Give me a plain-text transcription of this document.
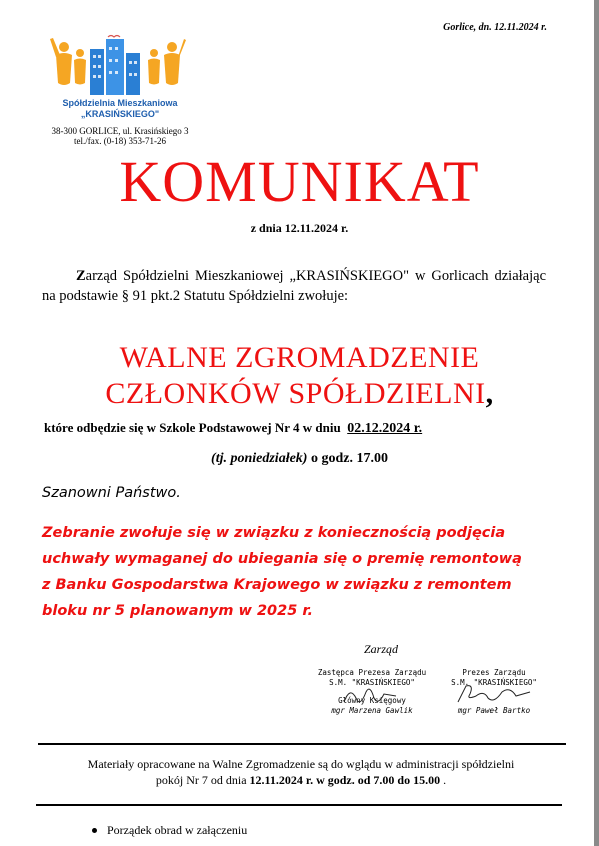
Gorlice, dn. 12.11.2024 r.
Spółdzielnia Mieszkaniowa
„KRASIŃSKIEGO"
38-300 GORLICE, ul. Krasińskiego 3
tel./fax. (0-18) 353-71-26
KOMUNIKAT
z dnia 12.11.2024 r.

Zarząd Spółdzielni Mieszkaniowej „KRASIŃSKIEGO" w Gorlicach działając na podstawie § 91 pkt.2 Statutu Spółdzielni zwołuje:

WALNE ZGROMADZENIE
CZŁONKÓW SPÓŁDZIELNI,
które odbędzie się w Szkole Podstawowej Nr 4 w dniu 02.12.2024 r.
(tj. poniedziałek) o godz. 17.00
Szanowni Państwo.

Zebranie zwołuje się w związku z koniecznością podjęcia

uchwały wymaganej do ubiegania się o premię remontową

z Banku Gospodarstwa Krajowego w związku z remontem

bloku nr 5 planowanym w 2025 r.

Zarząd
Zastępca Prezesa Zarządu
S.M. "KRASIŃSKIEGO"
Główny Księgowy
mgr Marzena Gawlik
Prezes Zarządu
S.M. "KRASIŃSKIEGO"
mgr Paweł Bartko
Materiały opracowane na Walne Zgromadzenie są do wglądu w administracji spółdzielni
pokój Nr 7 od dnia 12.11.2024 r. w godz. od 7.00 do 15.00 .
Porządek obrad w załączeniu
